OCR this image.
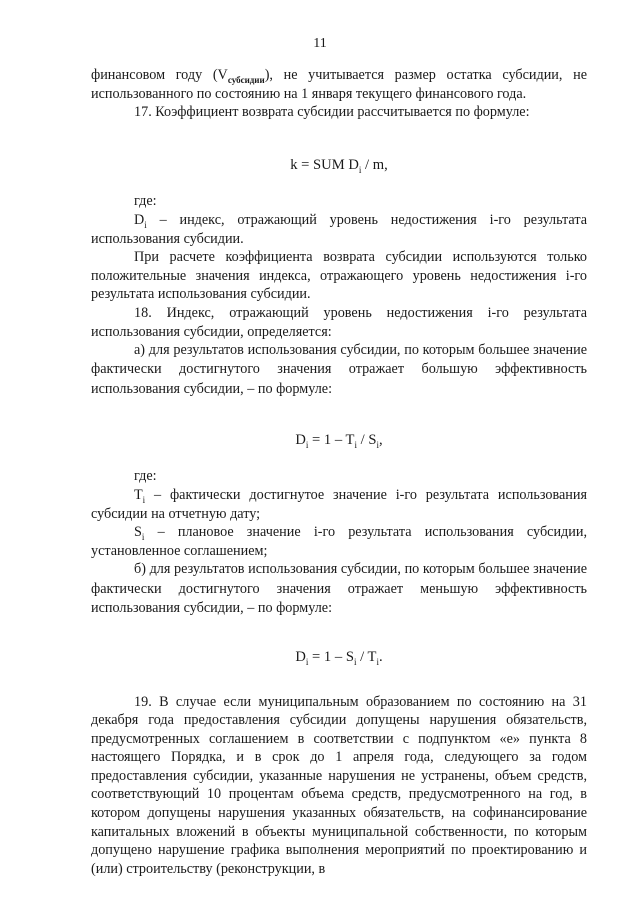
11

финансовом году $(V_{субсидии})$, не учитывается размер остатка субсидии, не использованного по состоянию на 1 января текущего финансового года.

17. Коэффициент возврата субсидии рассчитывается по формуле:

k = SUM $D_i$ / m,

где:

$D_i$ – индекс, отражающий уровень недостижения i-го результата использования субсидии.

При расчете коэффициента возврата субсидии используются только положительные значения индекса, отражающего уровень недостижения i-го результата использования субсидии.

18. Индекс, отражающий уровень недостижения i-го результата использования субсидии, определяется:

а) для результатов использования субсидии, по которым большее значение фактически достигнутого значения отражает большую эффективность использования субсидии, – по формуле:

$D_i = 1 - T_i / S_i$,

где:

$T_i$ – фактически достигнутое значение i-го результата использования субсидии на отчетную дату;

$S_i$ – плановое значение i-го результата использования субсидии, установленное соглашением;

б) для результатов использования субсидии, по которым большее значение фактически достигнутого значения отражает меньшую эффективность использования субсидии, – по формуле:

$D_i = 1 - S_i / T_i$.

19. В случае если муниципальным образованием по состоянию на 31 декабря года предоставления субсидии допущены нарушения обязательств, предусмотренных соглашением в соответствии с подпунктом «е» пункта 8 настоящего Порядка, и в срок до 1 апреля года, следующего за годом предоставления субсидии, указанные нарушения не устранены, объем средств, соответствующий 10 процентам объема средств, предусмотренного на год, в котором допущены нарушения указанных обязательств, на софинансирование капитальных вложений в объекты муниципальной собственности, по которым допущено нарушение графика выполнения мероприятий по проектированию и (или) строительству (реконструкции, в
